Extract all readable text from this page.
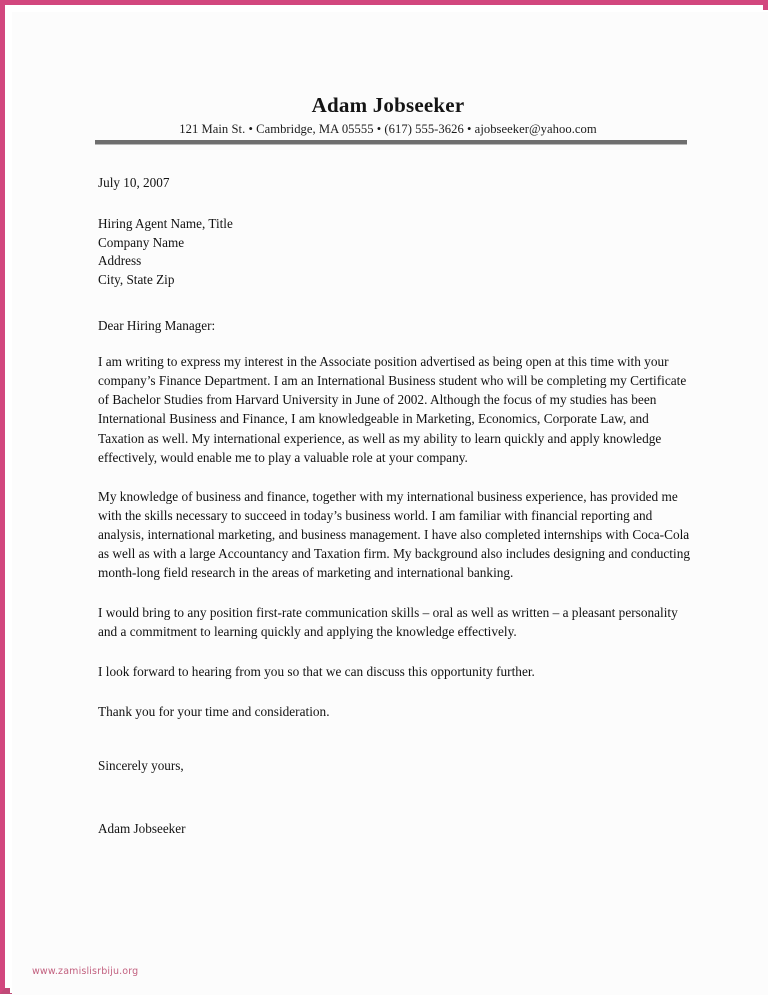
Adam Jobseeker
121 Main St. • Cambridge, MA 05555 • (617) 555-3626 • ajobseeker@yahoo.com
July 10, 2007
Hiring Agent Name, Title
Company Name
Address
City, State Zip
Dear Hiring Manager:
I am writing to express my interest in the Associate position advertised as being open at this time with your company’s Finance Department. I am an International Business student who will be completing my Certificate of Bachelor Studies from Harvard University in June of 2002. Although the focus of my studies has been International Business and Finance, I am knowledgeable in Marketing, Economics, Corporate Law, and Taxation as well. My international experience, as well as my ability to learn quickly and apply knowledge effectively, would enable me to play a valuable role at your company.
My knowledge of business and finance, together with my international business experience, has provided me with the skills necessary to succeed in today’s business world. I am familiar with financial reporting and analysis, international marketing, and business management. I have also completed internships with Coca-Cola as well as with a large Accountancy and Taxation firm. My background also includes designing and conducting month-long field research in the areas of marketing and international banking.
I would bring to any position first-rate communication skills – oral as well as written – a pleasant personality and a commitment to learning quickly and applying the knowledge effectively.
I look forward to hearing from you so that we can discuss this opportunity further.
Thank you for your time and consideration.
Sincerely yours,
Adam Jobseeker
www.zamislisrbiju.org
